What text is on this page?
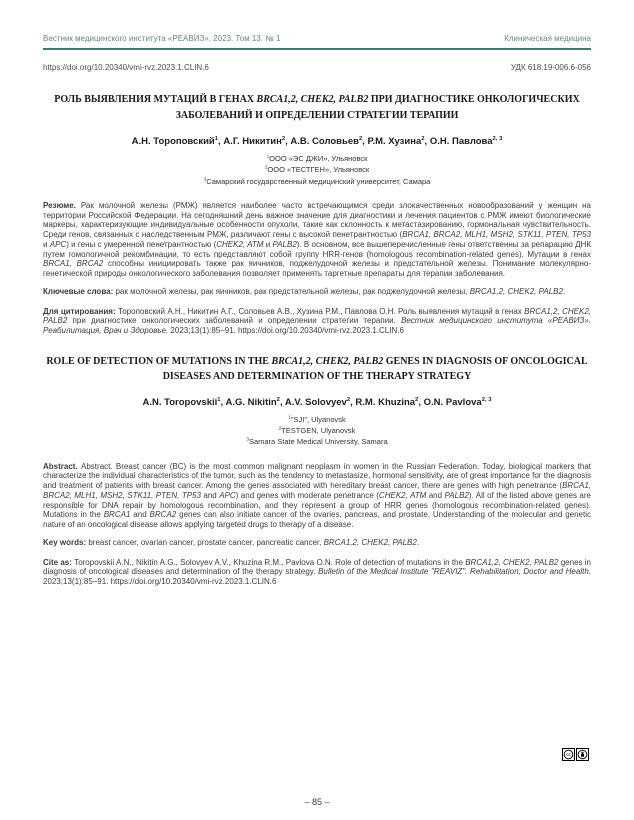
Вестник медицинского института «РЕАВИЗ». 2023. Том 13. № 1	Клиническая медицина
https://doi.org/10.20340/vmi-rvz.2023.1.CLIN.6	УДК 618.19-006.6-056
РОЛЬ ВЫЯВЛЕНИЯ МУТАЦИЙ В ГЕНАХ BRCA1,2, CHEK2, PALB2 ПРИ ДИАГНОСТИКЕ ОНКОЛОГИЧЕСКИХ ЗАБОЛЕВАНИЙ И ОПРЕДЕЛЕНИИ СТРАТЕГИИ ТЕРАПИИ

А.Н. Тороповский$^1$, А.Г. Никитин$^2$, А.В. Соловьев$^2$, Р.М. Хузина$^2$, О.Н. Павлова$^{2, 3}$

$^1$ООО «ЭС ДЖИ», Ульяновск
$^2$ООО «ТЕСТГЕН», Ульяновск
$^3$Самарский государственный медицинский университет, Самара

Резюме. Рак молочной железы (РМЖ) является наиболее часто встречающимся среди злокачественных новообразований у женщин на территории Российской Федерации. На сегодняшний день важное значение для диагностики и лечения пациентов с РМЖ имеют биологические маркеры, характеризующие индивидуальные особенности опухоли, такие как склонность к метастазированию, гормональная чувствительность. Среди генов, связанных с наследственным РМЖ, различают гены с высокой пенетрантностью (BRCA1, BRCA2, MLH1, MSH2, STK11, PTEN, TP53 и APC) и гены с умеренной пенетрантностью (CHEK2, ATM и PALB2). В основном, все вышеперечисленные гены ответственны за репарацию ДНК путем гомологичной рекомбинации, то есть представляют собой группу HRR-генов (homologous recombination-related genes). Мутации в генах BRCA1, BRCA2 способны инициировать также рак яичников, поджелудочной железы и предстательной железы. Понимание молекулярно-генетической природы онкологического заболевания позволяет применять таргетные препараты для терапии заболевания.

Ключевые слова: рак молочной железы, рак яичников, рак предстательной железы, рак поджелудочной железы, BRCA1,2, CHEK2, PALB2.

Для цитирования: Тороповский А.Н., Никитин А.Г., Соловьев А.В., Хузина Р.М., Павлова О.Н. Роль выявления мутаций в генах BRCA1,2, CHEK2, PALB2 при диагностике онкологических заболеваний и определении стратегии терапии. Вестник медицинского института «РЕАВИЗ». Реабилитация, Врач и Здоровье. 2023;13(1):85–91. https://doi.org/10.20340/vmi-rvz.2023.1.CLIN.6

ROLE OF DETECTION OF MUTATIONS IN THE BRCA1,2, CHEK2, PALB2 GENES IN DIAGNOSIS OF ONCOLOGICAL DISEASES AND DETERMINATION OF THE THERAPY STRATEGY

A.N. Toropovskii$^1$, A.G. Nikitin$^2$, A.V. Solovyev$^2$, R.M. Khuzina$^2$, O.N. Pavlova$^{2, 3}$

$^1$"SJI", Ulyanovsk
$^2$TESTGEN, Ulyanovsk
$^3$Samara State Medical University, Samara

Abstract. Abstract. Breast cancer (BC) is the most common malignant neoplasm in women in the Russian Federation. Today, biological markers that characterize the individual characteristics of the tumor, such as the tendency to metastasize, hormonal sensitivity, are of great importance for the diagnosis and treatment of patients with breast cancer. Among the genes associated with hereditary breast cancer, there are genes with high penetrance (BRCA1, BRCA2, MLH1, MSH2, STK11, PTEN, TP53 and APC) and genes with moderate penetrance (CHEK2, ATM and PALB2). All of the listed above genes are responsible for DNA repair by homologous recombination, and they represent a group of HRR genes (homologous recombination-related genes). Mutations in the BRCA1 and BRCA2 genes can also initiate cancer of the ovaries, pancreas, and prostate. Understanding of the molecular and genetic nature of an oncological disease allows applying targeted drugs to therapy of a disease.

Key words: breast cancer, ovarian cancer, prostate cancer, pancreatic cancer, BRCA1,2, CHEK2, PALB2.

Cite as: Toropovskii A.N., Nikitin A.G., Solovyev A.V., Khuzina R.M., Pavlova O.N. Role of detection of mutations in the BRCA1,2, CHEK2, PALB2 genes in diagnosis of oncological diseases and determination of the therapy strategy. Bulletin of the Medical Institute "REAVIZ". Rehabilitation, Doctor and Health. 2023;13(1):85–91. https://doi.org/10.20340/vmi-rvz.2023.1.CLIN.6

cc
– 85 –
